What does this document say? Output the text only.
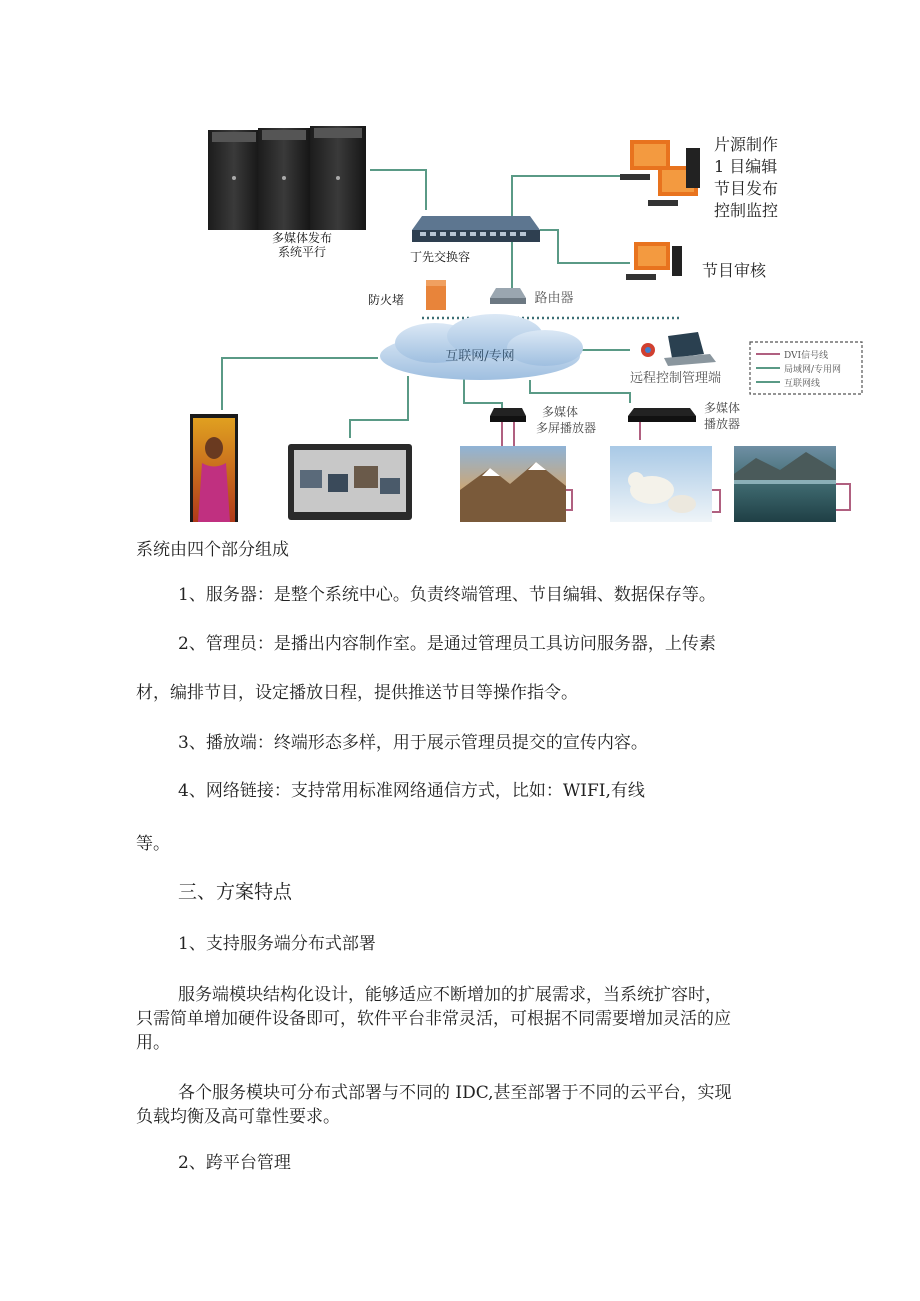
多媒体发布
系统平行	丁先交换容
防火堵	路由器
互联网/专网
片源制作
1 目编辑
节目发布
控制监控
节目审核
远程控制管理端
DVI信号线
局域网/专用网
互联网线
多媒体
多屏播放器
多媒体
播放器
系统由四个部分组成
1、服务器：是整个系统中心。负责终端管理、节目编辑、数据保存等。
2、管理员：是播出内容制作室。是通过管理员工具访问服务器，上传素
材，编排节目，设定播放日程，提供推送节目等操作指令。
3、播放端：终端形态多样，用于展示管理员提交的宣传内容。
4、网络链接：支持常用标准网络通信方式，比如：WIFI,有线
等。
三、方案特点
1、支持服务端分布式部署
服务端模块结构化设计，能够适应不断增加的扩展需求，当系统扩容时，
只需简单增加硬件设备即可，软件平台非常灵活，可根据不同需要增加灵活的应
用。
各个服务模块可分布式部署与不同的 IDC,甚至部署于不同的云平台，实现
负载均衡及高可靠性要求。
2、跨平台管理
